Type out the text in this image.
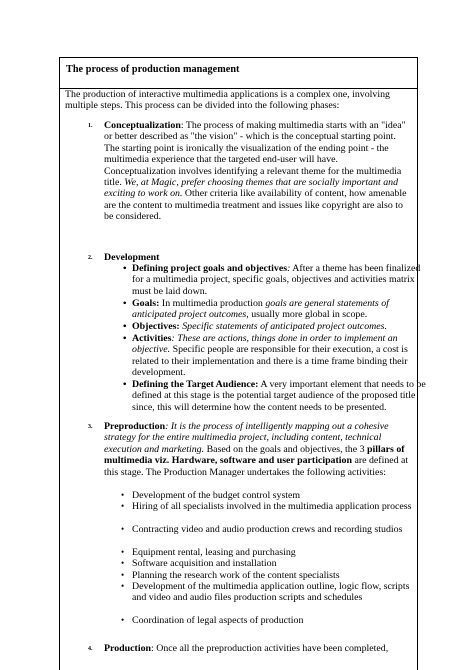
The process of production management
The production of interactive multimedia applications is a complex one, involving multiple steps. This process can be divided into the following phases:
1. Conceptualization: The process of making multimedia starts with an "idea" or better described as "the vision" - which is the conceptual starting point. The starting point is ironically the visualization of the ending point - the multimedia experience that the targeted end-user will have. Conceptualization involves identifying a relevant theme for the multimedia title. We, at Magic, prefer choosing themes that are socially important and exciting to work on. Other criteria like availability of content, how amenable are the content to multimedia treatment and issues like copyright are also to be considered.
2. Development
• Defining project goals and objectives: After a theme has been finalized for a multimedia project, specific goals, objectives and activities matrix must be laid down.
• Goals: In multimedia production goals are general statements of anticipated project outcomes, usually more global in scope.
• Objectives: Specific statements of anticipated project outcomes.
• Activities: These are actions, things done in order to implement an objective. Specific people are responsible for their execution, a cost is related to their implementation and there is a time frame binding their development.
• Defining the Target Audience: A very important element that needs to be defined at this stage is the potential target audience of the proposed title since, this will determine how the content needs to be presented.
3. Preproduction: It is the process of intelligently mapping out a cohesive strategy for the entire multimedia project, including content, technical execution and marketing. Based on the goals and objectives, the 3 pillars of multimedia viz. Hardware, software and user participation are defined at this stage. The Production Manager undertakes the following activities:
• Development of the budget control system
• Hiring of all specialists involved in the multimedia application process
• Contracting video and audio production crews and recording studios
• Equipment rental, leasing and purchasing
• Software acquisition and installation
• Planning the research work of the content specialists
• Development of the multimedia application outline, logic flow, scripts and video and audio files production scripts and schedules
• Coordination of legal aspects of production
4. Production: Once all the preproduction activities have been completed,
